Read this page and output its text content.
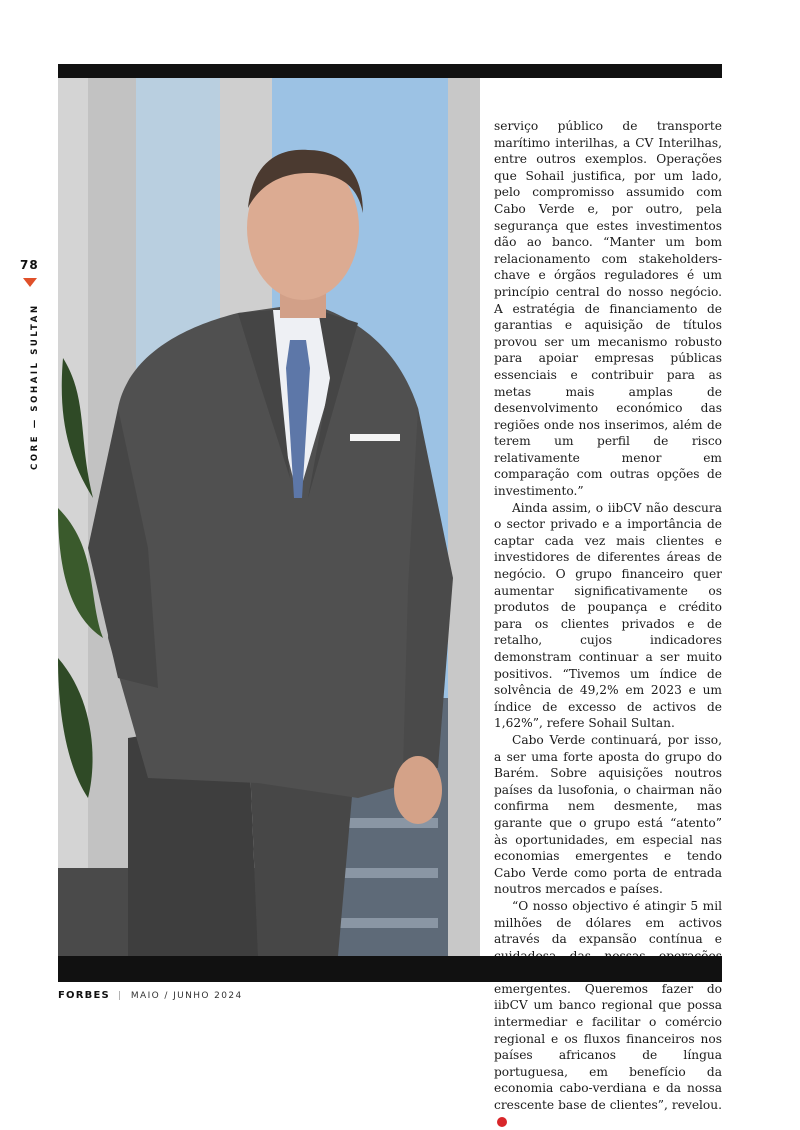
78
CORE — SOHAIL SULTAN

serviço público de transporte marítimo interilhas, a CV Interilhas, entre outros exemplos. Operações que Sohail justifica, por um lado, pelo compromisso assumido com Cabo Verde e, por outro, pela segurança que estes investimentos dão ao banco. “Manter um bom relacionamento com stakeholders-chave e órgãos reguladores é um princípio central do nosso negócio. A estratégia de financiamento de garantias e aquisição de títulos provou ser um mecanismo robusto para apoiar empresas públicas essenciais e contribuir para as metas mais amplas de desenvolvimento económico das regiões onde nos inserimos, além de terem um perfil de risco relativamente menor em comparação com outras opções de investimento.”

Ainda assim, o iibCV não descura o sector privado e a importância de captar cada vez mais clientes e investidores de diferentes áreas de negócio. O grupo financeiro quer aumentar significativamente os produtos de poupança e crédito para os clientes privados e de retalho, cujos indicadores demonstram continuar a ser muito positivos. “Tivemos um índice de solvência de 49,2% em 2023 e um índice de excesso de activos de 1,62%”, refere Sohail Sultan.

Cabo Verde continuará, por isso, a ser uma forte aposta do grupo do Barém. Sobre aquisições noutros países da lusofonia, o chairman não confirma nem desmente, mas garante que o grupo está “atento” às oportunidades, em especial nas economias emergentes e tendo Cabo Verde como porta de entrada noutros mercados e países.

“O nosso objectivo é atingir 5 mil milhões de dólares em activos através da expansão contínua e emergentes. Queremos fazer do iibCV um banco regional que possa intermediar e facilitar o comércio regional e os fluxos financeiros nos países africanos de língua portuguesa, em benefício da economia cabo-verdiana e da nossa crescente base de clientes”, revelou.F

FORBES | MAIO / JUNHO 2024
